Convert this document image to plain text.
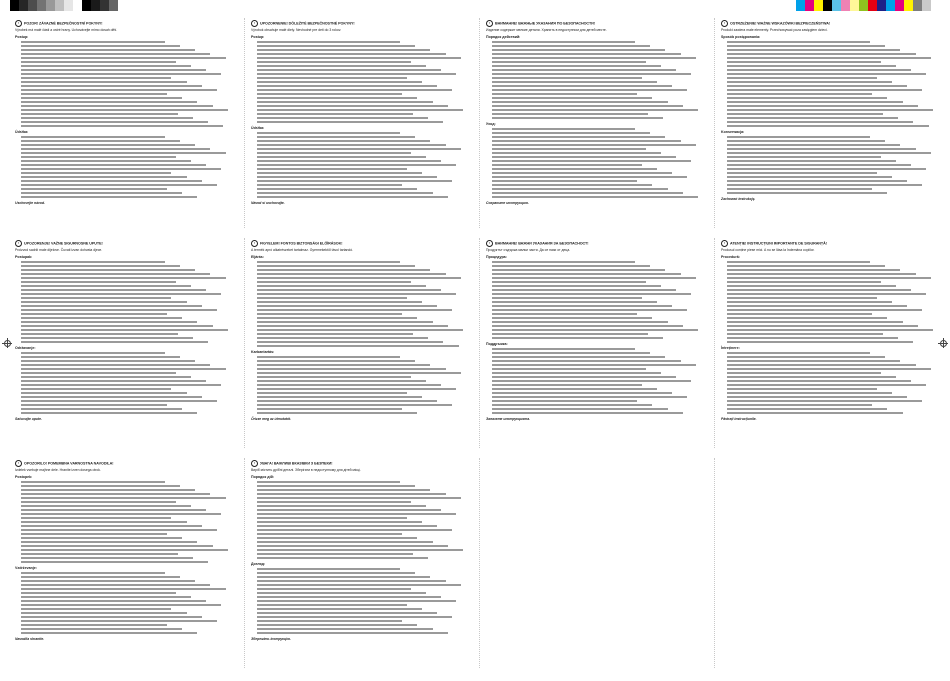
! POZOR! ZÁVAZNÉ BEZPEČNOSTNÍ POKYNY!

Výrobek má malé části a ostré hrany. Uchovávejte mimo dosah dětí.

Postup:

Údržba:

Uschovejte návod.

! UPOZORNENIE! DÔLEŽITÉ BEZPEČNOSTNÉ POKYNY!

Výrobok obsahuje malé diely. Nevhodné pre deti do 3 rokov.

Postup:

Údržba:

Návod si uschovajte.

! ВНИМАНИЕ! ВАЖНЫЕ УКАЗАНИЯ ПО БЕЗОПАСНОСТИ!

Изделие содержит мелкие детали. Хранить в недоступном для детей месте.

Порядок действий:

Уход:

Сохраните инструкцию.

! OSTRZEŻENIE! WAŻNE WSKAZÓWKI BEZPIECZEŃSTWA!

Produkt zawiera małe elementy. Przechowywać poza zasięgiem dzieci.

Sposób postępowania:

Konserwacja:

Zachować instrukcję.

! UPOZORENJE! VAŽNE SIGURNOSNE UPUTE!

Proizvod sadrži male dijelove. Čuvati izvan dohvata djece.

Postupak:

Održavanje:

Sačuvajte upute.

! FIGYELEM! FONTOS BIZTONSÁGI ELŐÍRÁSOK!

A termék apró alkatrészeket tartalmaz. Gyermekektől távol tartandó.

Eljárás:

Karbantartás:

Őrizze meg az útmutatót.

! ВНИМАНИЕ! ВАЖНИ УКАЗАНИЯ ЗА БЕЗОПАСНОСТ!

Продуктът съдържа малки части. Да се пази от деца.

Процедура:

Поддръжка:

Запазете инструкцията.

! ATENȚIE! INSTRUCȚIUNI IMPORTANTE DE SIGURANȚĂ!

Produsul conține piese mici. A nu se lăsa la îndemâna copiilor.

Procedură:

Întreținere:

Păstrați instrucțiunile.

! OPOZORILO! POMEMBNA VARNOSTNA NAVODILA!

Izdelek vsebuje majhne dele. Hranite izven dosega otrok.

Postopek:

Vzdrževanje:

Navodila shranite.

! УВАГА! ВАЖЛИВІ ВКАЗІВКИ З БЕЗПЕКИ!

Виріб містить дрібні деталі. Зберігати в недоступному для дітей місці.

Порядок дій:

Догляд:

Збережіть інструкцію.
